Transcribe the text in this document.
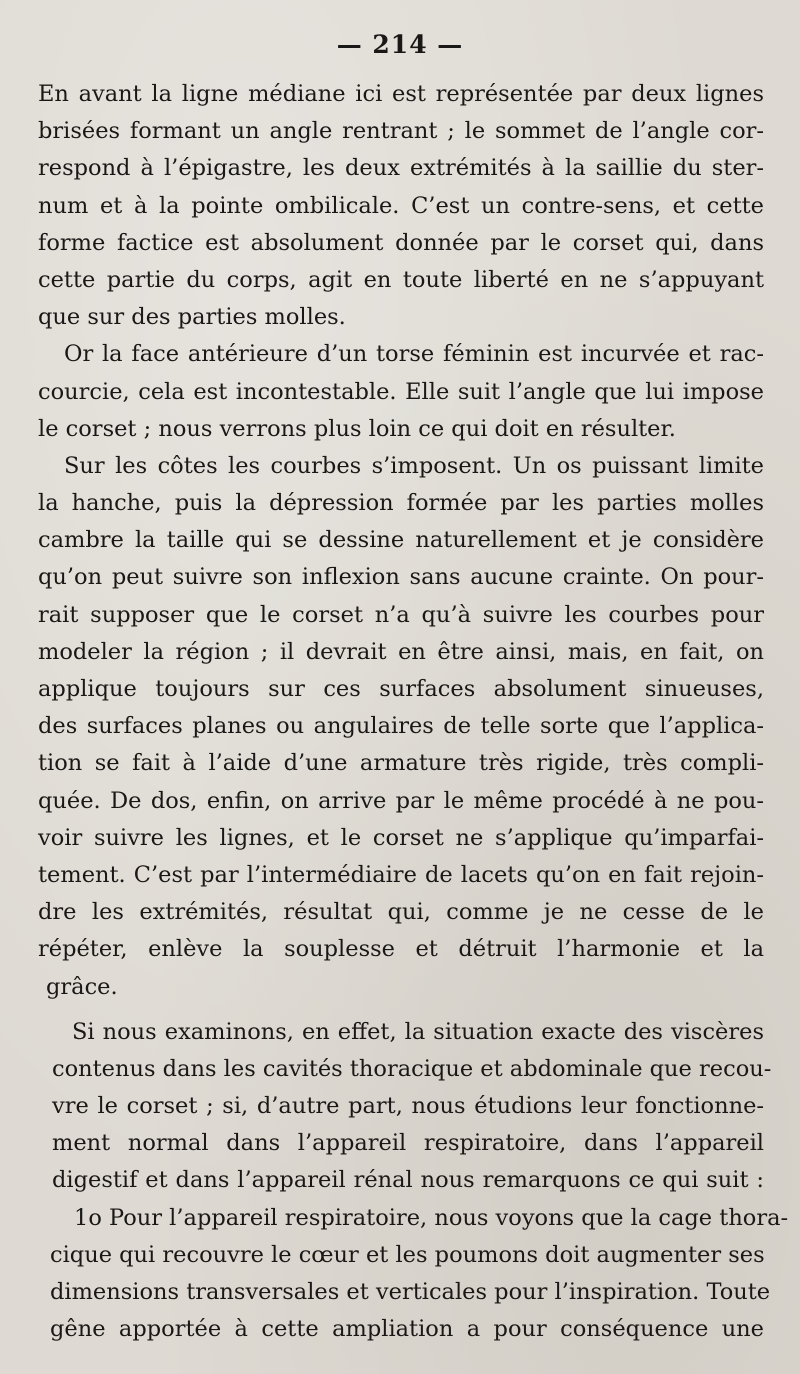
— 214 —
En avant la ligne médiane ici est représentée par deux lignes
brisées formant un angle rentrant ; le sommet de l’angle cor-
respond à l’épigastre, les deux extrémités à la saillie du ster-
num et à la pointe ombilicale. C’est un contre-sens, et cette
forme factice est absolument donnée par le corset qui, dans
cette partie du corps, agit en toute liberté en ne s’appuyant
que sur des parties molles.
Or la face antérieure d’un torse féminin est incurvée et rac-
courcie, cela est incontestable. Elle suit l’angle que lui impose
le corset ; nous verrons plus loin ce qui doit en résulter.
Sur les côtes les courbes s’imposent. Un os puissant limite
la hanche, puis la dépression formée par les parties molles
cambre la taille qui se dessine naturellement et je considère
qu’on peut suivre son inflexion sans aucune crainte. On pour-
rait supposer que le corset n’a qu’à suivre les courbes pour
modeler la région ; il devrait en être ainsi, mais, en fait, on
applique toujours sur ces surfaces absolument sinueuses,
des surfaces planes ou angulaires de telle sorte que l’applica-
tion se fait à l’aide d’une armature très rigide, très compli-
quée. De dos, enfin, on arrive par le même procédé à ne pou-
voir suivre les lignes, et le corset ne s’applique qu’imparfai-
tement. C’est par l’intermédiaire de lacets qu’on en fait rejoin-
dre les extrémités, résultat qui, comme je ne cesse de le
répéter, enlève la souplesse et détruit l’harmonie et la
grâce.
Si nous examinons, en effet, la situation exacte des viscères
contenus dans les cavités thoracique et abdominale que recou-
vre le corset ; si, d’autre part, nous étudions leur fonctionne-
ment normal dans l’appareil respiratoire, dans l’appareil
digestif et dans l’appareil rénal nous remarquons ce qui suit :
1o Pour l’appareil respiratoire, nous voyons que la cage thora-
cique qui recouvre le cœur et les poumons doit augmenter ses
dimensions transversales et verticales pour l’inspiration. Toute
gêne apportée à cette ampliation a pour conséquence une
